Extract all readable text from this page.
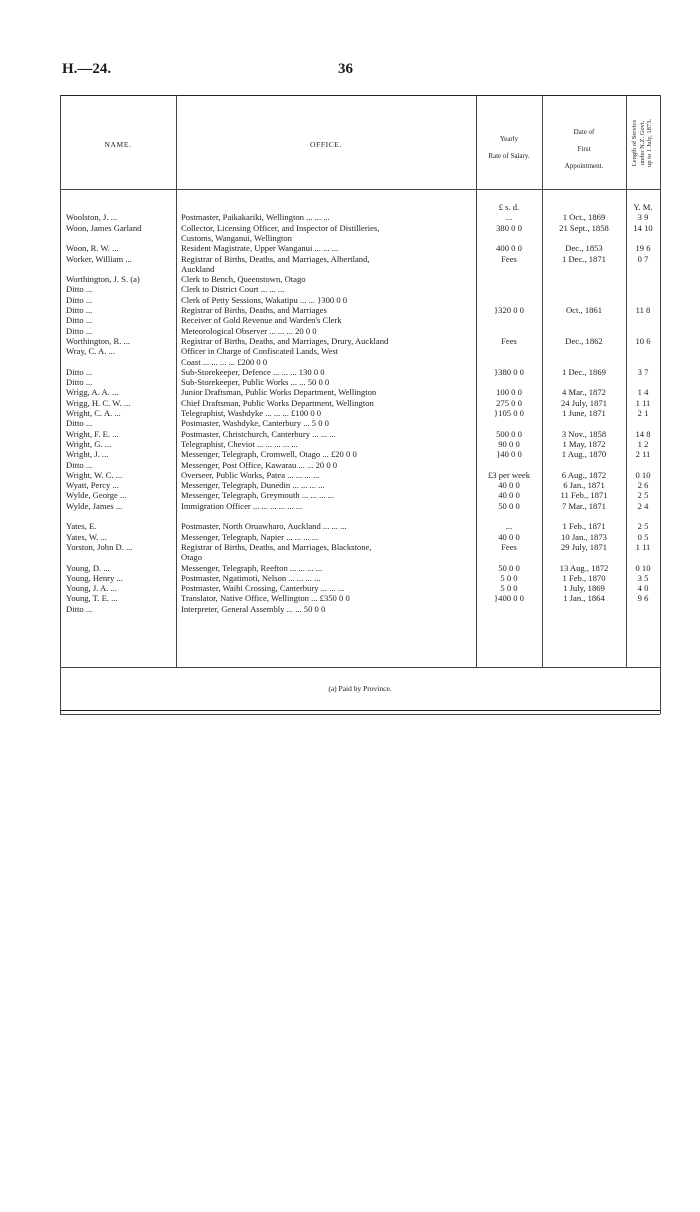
H.—24.	36
NAME.	OFFICE.
Yearly
Rate of Salary.
Date of
First
Appointment.	Length of Service under N.Z. Govt. up to 1 July, 1873.
£ s. d.	Y. M.
Woolston, J. ...	Postmaster, Paikakariki, Wellington ... ... ...	...	1 Oct., 1869	3 9
Woon, James Garland	Collector, Licensing Officer, and Inspector of Distilleries,	380 0 0	21 Sept., 1858	14 10
Customs, Wanganui, Wellington
Woon, R. W. ...	Resident Magistrate, Upper Wanganui ... ... ...	400 0 0	Dec., 1853	19 6
Worker, William ...	Registrar of Births, Deaths, and Marriages, Albertland,	Fees	1 Dec., 1871	0 7
Auckland
Worthington, J. S. (a)	Clerk to Bench, Queenstown, Otago
Ditto ...	Clerk to District Court ... ... ...
Ditto ...	Clerk of Petty Sessions, Wakatipu ... ... }300 0 0
Ditto ...	Registrar of Births, Deaths, and Marriages	}320 0 0	Oct., 1861	11 8
Ditto ...	Receiver of Gold Revenue and Warden's Clerk
Ditto ...	Meteorological Observer ... ... ... 20 0 0
Worthington, R. ...	Registrar of Births, Deaths, and Marriages, Drury, Auckland	Fees	Dec., 1862	10 6
Wray, C. A. ...	Officer in Charge of Confiscated Lands, West
Coast ... ... ... ... £200 0 0
Ditto ...	Sub-Storekeeper, Defence ... ... ... 130 0 0	}380 0 0	1 Dec., 1869	3 7
Ditto ...	Sub-Storekeeper, Public Works ... ... 50 0 0
Wrigg, A. A. ...	Junior Draftsman, Public Works Department, Wellington	100 0 0	4 Mar., 1872	1 4
Wrigg, H. C. W. ...	Chief Draftsman, Public Works Department, Wellington	275 0 0	24 July, 1871	1 11
Wright, C. A. ...	Telegraphist, Washdyke ... ... ... £100 0 0	}105 0 0	1 June, 1871	2 1
Ditto ...	Postmaster, Washdyke, Canterbury ... 5 0 0
Wright, F. E. ...	Postmaster, Christchurch, Canterbury ... ... ...	500 0 0	3 Nov., 1858	14 8
Wright, G. ...	Telegraphist, Cheviot ... ... ... ... ...	90 0 0	1 May, 1872	1 2
Wright, J. ...	Messenger, Telegraph, Cromwell, Otago ... £20 0 0	}40 0 0	1 Aug., 1870	2 11
Ditto ...	Messenger, Post Office, Kawarau ... ... 20 0 0
Wright, W. C. ...	Overseer, Public Works, Patea ... ... ... ...	£3 per week	6 Aug., 1872	0 10
Wyatt, Percy ...	Messenger, Telegraph, Dunedin ... ... ... ...	40 0 0	6 Jan., 1871	2 6
Wylde, George ...	Messenger, Telegraph, Greymouth ... ... ... ...	40 0 0	11 Feb., 1871	2 5
Wylde, James ...	Immigration Officer ... ... ... ... ... ...	50 0 0	7 Mar., 1871	2 4
Yates, E.	Postmaster, North Oruawharo, Auckland ... ... ...	...	1 Feb., 1871	2 5
Yates, W. ...	Messenger, Telegraph, Napier ... ... ... ...	40 0 0	10 Jan., 1873	0 5
Yorston, John D. ...	Registrar of Births, Deaths, and Marriages, Blackstone,	Fees	29 July, 1871	1 11
Otago
Young, D. ...	Messenger, Telegraph, Reefton ... ... ... ...	50 0 0	13 Aug., 1872	0 10
Young, Henry ...	Postmaster, Ngatimoti, Nelson ... ... ... ...	5 0 0	1 Feb., 1870	3 5
Young, J. A. ...	Postmaster, Waihi Crossing, Canterbury ... ... ...	5 0 0	1 July, 1869	4 0
Young, T. E. ...	Translator, Native Office, Wellington ... £350 0 0	}400 0 0	1 Jan., 1864	9 6
Ditto ...	Interpreter, General Assembly ... ... 50 0 0
(a) Paid by Province.
